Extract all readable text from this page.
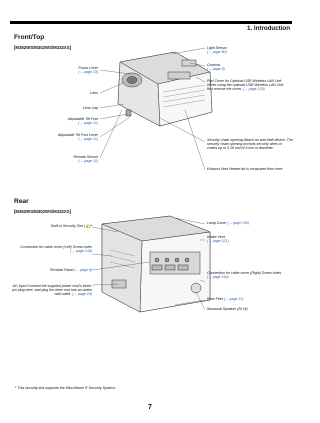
1. Introduction
Front/Top
[M352WS/M302WS/M332XS]	Light Sensor
(→ page 90)
Controls
(→ page 8)
Port Cover for Optional USB Wireless LAN Unit When using the optional USB Wireless LAN Unit, first remove the cover. (→ page 129)
Focus Lever
(→ page 23)
Lens
Lens Cap
Adjustable Tilt Foot
(→ page 21)
Adjustable Tilt Foot Lever
(→ page 21)	Security chain opening Attach an anti-theft device. The security chain opening accepts security wires or chains up to 0.18 inch/4.6 mm in diameter.
Remote Sensor
(→ page 11)
Exhaust Vent Heated air is exhausted from here.
Rear
[M352WS/M302WS/M332XS]
Built-in Security Slot (🔒)*
Lamp Cover (→ page 130)
Intake Vent
(→ page 121)
Connection for cable cover (Left) Screw holes
(→ page 144)
Terminal Panel (→ page 9)
Connection for cable cover (Right) Screw holes
(→ page 144)
AC Input Connect the supplied power cord's three-pin plug here, and plug the other end into an active wall outlet. (→ page 16)
Rear Feet (→ page 21)
Monaural Speaker (20 W)
* This security slot supports the MicroSaver ® Security System.
7
